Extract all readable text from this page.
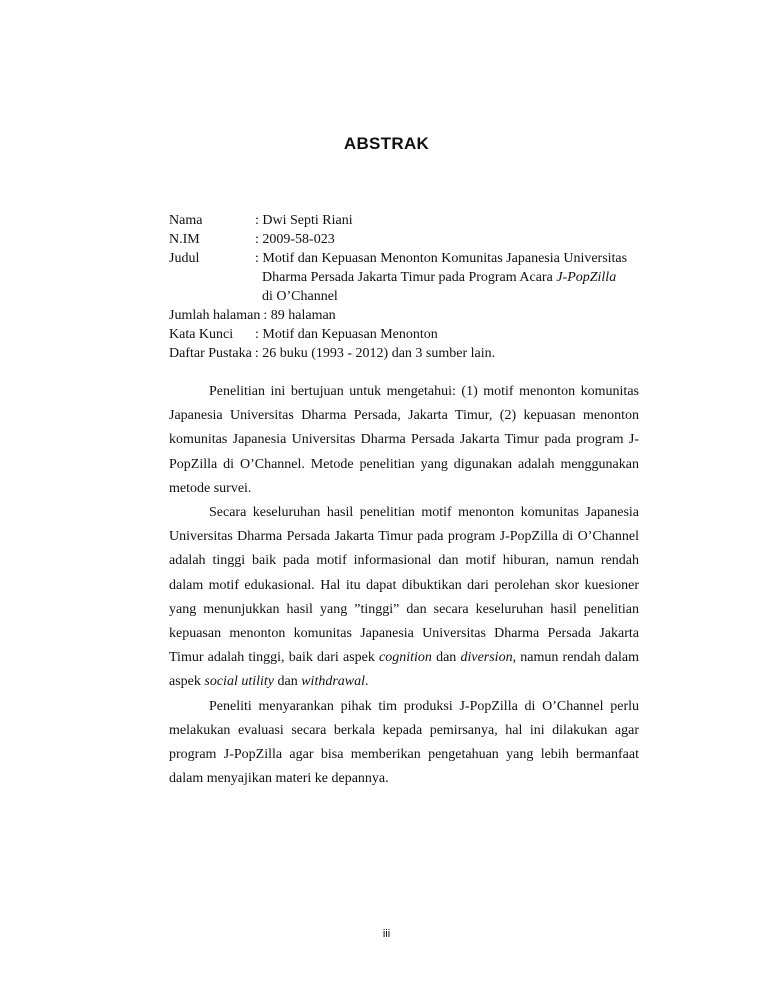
ABSTRAK
Nama	: Dwi Septi Riani
N.IM	: 2009-58-023
Judul	: Motif dan Kepuasan Menonton Komunitas Japanesia Universitas
Dharma Persada Jakarta Timur pada Program Acara J-PopZilla
di O’Channel
Jumlah halaman : 89 halaman
Kata Kunci	: Motif dan Kepuasan Menonton
Daftar Pustaka : 26 buku (1993 - 2012) dan 3 sumber lain.

Penelitian ini bertujuan untuk mengetahui: (1) motif menonton komunitas Japanesia Universitas Dharma Persada, Jakarta Timur, (2) kepuasan menonton komunitas Japanesia Universitas Dharma Persada Jakarta Timur pada program J-PopZilla di O’Channel. Metode penelitian yang digunakan adalah menggunakan metode survei.

Secara keseluruhan hasil penelitian motif menonton komunitas Japanesia Universitas Dharma Persada Jakarta Timur pada program J-PopZilla di O’Channel adalah tinggi baik pada motif informasional dan motif hiburan, namun rendah dalam motif edukasional. Hal itu dapat dibuktikan dari perolehan skor kuesioner yang menunjukkan hasil yang ”tinggi” dan secara keseluruhan hasil penelitian kepuasan menonton komunitas Japanesia Universitas Dharma Persada Jakarta Timur adalah tinggi, baik dari aspek cognition dan diversion, namun rendah dalam aspek social utility dan withdrawal.

Peneliti menyarankan pihak tim produksi J-PopZilla di O’Channel perlu melakukan evaluasi secara berkala kepada pemirsanya, hal ini dilakukan agar program J-PopZilla agar bisa memberikan pengetahuan yang lebih bermanfaat dalam menyajikan materi ke depannya.

iii
